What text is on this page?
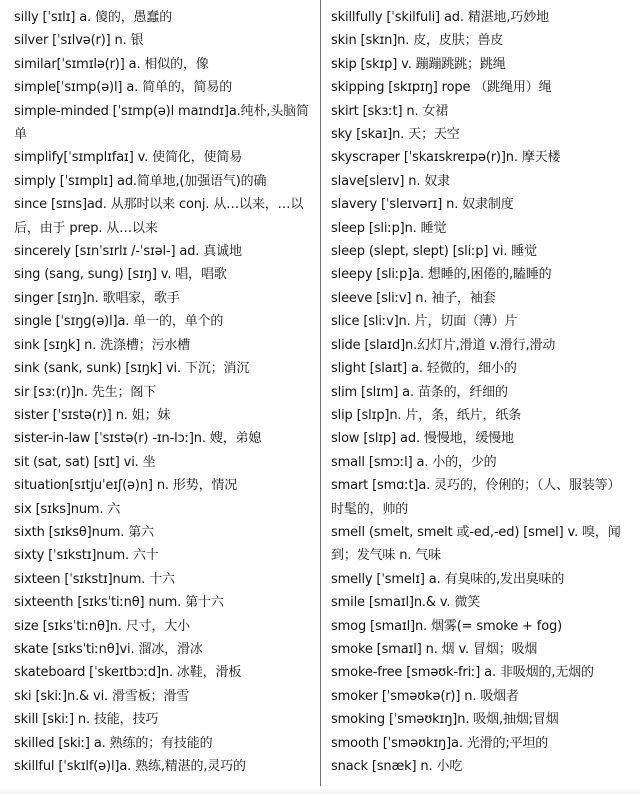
silly [ˈsɪlɪ] a. 傻的，愚蠢的
silver [ˈsɪlvə(r)] n. 银
similar[ˈsɪmɪlə(r)] a. 相似的，像
simple[ˈsɪmp(ə)l] a. 简单的，简易的
simple-minded [ˈsɪmp(ə)l maɪndɪ]a.纯朴,头脑简单
simplify[ˈsɪmplɪfaɪ] v. 使简化，使简易
simply [ˈsɪmplɪ] ad.简单地,(加强语气)的确
since [sɪns]ad. 从那时以来 conj. 从…以来，…以后，由于 prep. 从…以来
sincerely [sɪnˈsɪrlɪ /-ˈsɪəl-] ad. 真诚地
sing (sang, sung) [sɪŋ] v. 唱，唱歌
singer [sɪŋ]n. 歌唱家，歌手
single [ˈsɪŋɡ(ə)l]a. 单一的，单个的
sink [sɪŋk] n. 洗涤槽；污水槽
sink (sank, sunk) [sɪŋk] vi. 下沉；消沉
sir [sɜː(r)]n. 先生；阁下
sister [ˈsɪstə(r)] n. 姐；妹
sister-in-law [ˈsɪstə(r) -ɪn-lɔː]n. 嫂，弟媳
sit (sat, sat) [sɪt] vi. 坐
situation[sɪtjuˈeɪʃ(ə)n] n. 形势，情况
six [sɪks]num. 六
sixth [sɪksθ]num. 第六
sixty [ˈsɪkstɪ]num. 六十
sixteen [ˈsɪkstɪ]num. 十六
sixteenth [sɪksˈtiːnθ] num. 第十六
size [sɪksˈtiːnθ]n. 尺寸，大小
skate [sɪksˈtiːnθ]vi. 溜冰，滑冰
skateboard [ˈskeɪtbɔːd]n. 冰鞋，滑板
ski [skiː]n.& vi. 滑雪板；滑雪
skill [skiː] n. 技能，技巧
skilled [skiː] a. 熟练的；有技能的
skillful [ˈskɪlf(ə)l]a. 熟练,精湛的,灵巧的
skillfully [ˈskilfuli] ad. 精湛地,巧妙地
skin [skɪn]n. 皮，皮肤；兽皮
skip [skɪp] v. 蹦蹦跳跳；跳绳
skipping [skɪpɪŋ] rope （跳绳用）绳
skirt [skɜːt] n. 女裙
sky [skaɪ]n. 天；天空
skyscraper [ˈskaɪskreɪpə(r)]n. 摩天楼
slave[sleɪv] n. 奴隶
slavery [ˈsleɪvərɪ] n. 奴隶制度
sleep [sliːp]n. 睡觉
sleep (slept, slept) [sliːp] vi. 睡觉
sleepy [sliːp]a. 想睡的,困倦的,瞌睡的
sleeve [sliːv] n. 袖子，袖套
slice [sliːv]n. 片，切面（薄）片
slide [slaɪd]n.幻灯片,滑道 v.滑行,滑动
slight [slaɪt] a. 轻微的，细小的
slim [slɪm] a. 苗条的，纤细的
slip [slɪp]n. 片，条，纸片，纸条
slow [slɪp] ad. 慢慢地，缓慢地
small [smɔːl] a. 小的，少的
smart [smɑːt]a. 灵巧的，伶俐的；（人、服装等）时髦的，帅的
smell (smelt, smelt 或-ed,-ed) [smel] v. 嗅，闻到；发气味 n. 气味
smelly [ˈsmelɪ] a. 有臭味的,发出臭味的
smile [smaɪl]n.& v. 微笑
smog [smaɪl]n. 烟雾(= smoke + fog)
smoke [smaɪl] n. 烟 v. 冒烟；吸烟
smoke-free [sməʊk-friː] a. 非吸烟的,无烟的
smoker [ˈsməʊkə(r)] n. 吸烟者
smoking [ˈsməʊkɪŋ]n. 吸烟,抽烟;冒烟
smooth [ˈsməʊkɪŋ]a. 光滑的;平坦的
snack [snæk] n. 小吃
